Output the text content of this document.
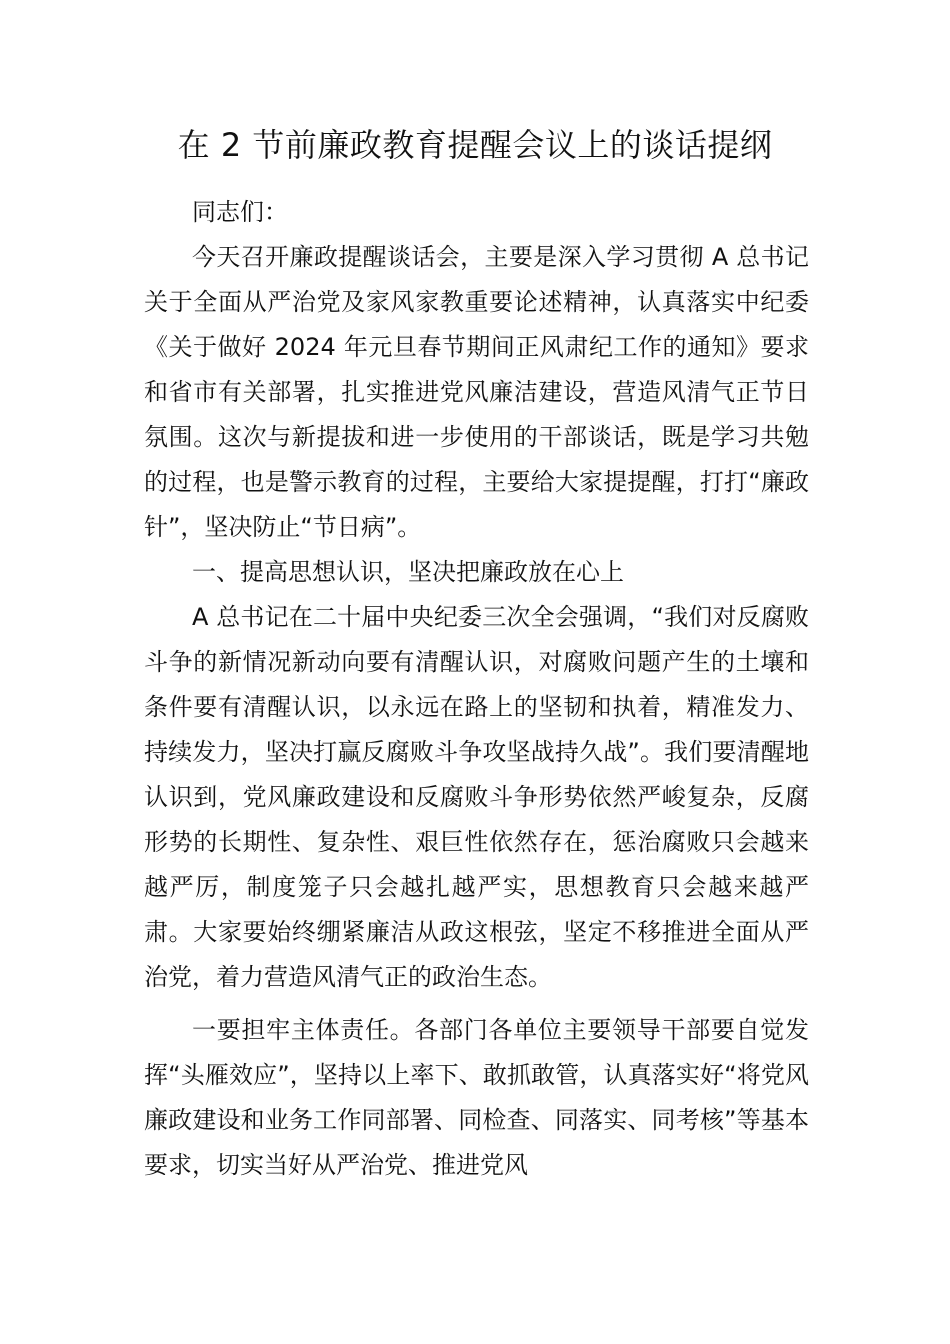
在 2 节前廉政教育提醒会议上的谈话提纲

同志们：

今天召开廉政提醒谈话会，主要是深入学习贯彻 A 总书记关于全面从严治党及家风家教重要论述精神，认真落实中纪委《关于做好 2024 年元旦春节期间正风肃纪工作的通知》要求和省市有关部署，扎实推进党风廉洁建设，营造风清气正节日氛围。这次与新提拔和进一步使用的干部谈话，既是学习共勉的过程，也是警示教育的过程，主要给大家提提醒，打打“廉政针”，坚决防止“节日病”。

一、提高思想认识，坚决把廉政放在心上

A 总书记在二十届中央纪委三次全会强调，“我们对反腐败斗争的新情况新动向要有清醒认识，对腐败问题产生的土壤和条件要有清醒认识，以永远在路上的坚韧和执着，精准发力、持续发力，坚决打赢反腐败斗争攻坚战持久战”。我们要清醒地认识到，党风廉政建设和反腐败斗争形势依然严峻复杂，反腐形势的长期性、复杂性、艰巨性依然存在，惩治腐败只会越来越严厉，制度笼子只会越扎越严实，思想教育只会越来越严肃。大家要始终绷紧廉洁从政这根弦，坚定不移推进全面从严治党，着力营造风清气正的政治生态。

一要担牢主体责任。各部门各单位主要领导干部要自觉发挥“头雁效应”，坚持以上率下、敢抓敢管，认真落实好“将党风廉政建设和业务工作同部署、同检查、同落实、同考核”等基本要求，切实当好从严治党、推进党风
